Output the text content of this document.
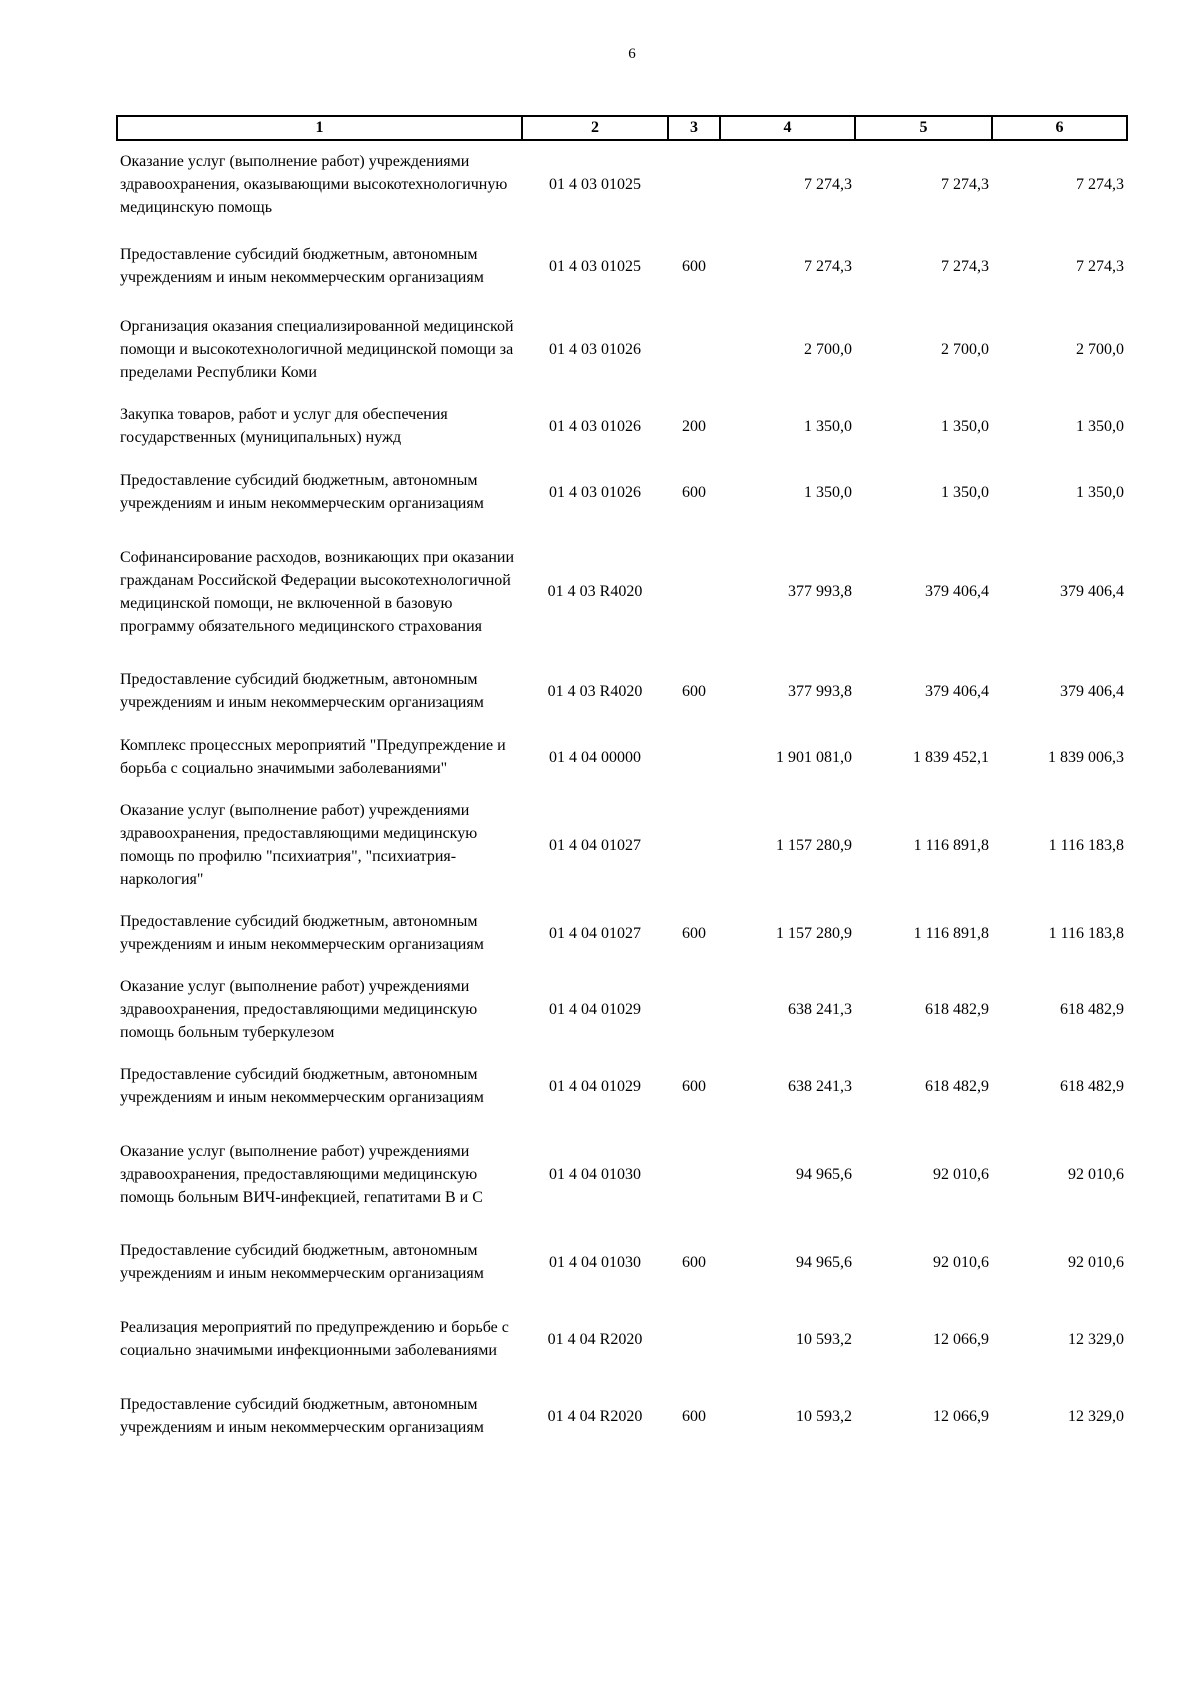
6
1	2	3	4	5	6
Оказание услуг (выполнение работ) учреждениями здравоохранения, оказывающими высокотехнологичную медицинскую помощь	01 4 03 01025		7 274,3	7 274,3	7 274,3
Предоставление субсидий бюджетным, автономным учреждениям и иным некоммерческим организациям	01 4 03 01025	600	7 274,3	7 274,3	7 274,3
Организация оказания специализированной медицинской помощи и высокотехнологичной медицинской помощи за пределами Республики Коми	01 4 03 01026		2 700,0	2 700,0	2 700,0
Закупка товаров, работ и услуг для обеспечения государственных (муниципальных) нужд	01 4 03 01026	200	1 350,0	1 350,0	1 350,0
Предоставление субсидий бюджетным, автономным учреждениям и иным некоммерческим организациям	01 4 03 01026	600	1 350,0	1 350,0	1 350,0
Софинансирование расходов, возникающих при оказании гражданам Российской Федерации высокотехнологичной медицинской помощи, не включенной в базовую программу обязательного медицинского страхования	01 4 03 R4020		377 993,8	379 406,4	379 406,4
Предоставление субсидий бюджетным, автономным учреждениям и иным некоммерческим организациям	01 4 03 R4020	600	377 993,8	379 406,4	379 406,4
Комплекс процессных мероприятий "Предупреждение и борьба с социально значимыми заболеваниями"	01 4 04 00000		1 901 081,0	1 839 452,1	1 839 006,3
Оказание услуг (выполнение работ) учреждениями здравоохранения, предоставляющими медицинскую помощь по профилю "психиатрия", "психиатрия-наркология"	01 4 04 01027		1 157 280,9	1 116 891,8	1 116 183,8
Предоставление субсидий бюджетным, автономным учреждениям и иным некоммерческим организациям	01 4 04 01027	600	1 157 280,9	1 116 891,8	1 116 183,8
Оказание услуг (выполнение работ) учреждениями здравоохранения, предоставляющими медицинскую помощь больным туберкулезом	01 4 04 01029		638 241,3	618 482,9	618 482,9
Предоставление субсидий бюджетным, автономным учреждениям и иным некоммерческим организациям	01 4 04 01029	600	638 241,3	618 482,9	618 482,9
Оказание услуг (выполнение работ) учреждениями здравоохранения, предоставляющими медицинскую помощь больным ВИЧ-инфекцией, гепатитами В и С	01 4 04 01030		94 965,6	92 010,6	92 010,6
Предоставление субсидий бюджетным, автономным учреждениям и иным некоммерческим организациям	01 4 04 01030	600	94 965,6	92 010,6	92 010,6
Реализация мероприятий по предупреждению и борьбе с социально значимыми инфекционными заболеваниями	01 4 04 R2020		10 593,2	12 066,9	12 329,0
Предоставление субсидий бюджетным, автономным учреждениям и иным некоммерческим организациям	01 4 04 R2020	600	10 593,2	12 066,9	12 329,0
